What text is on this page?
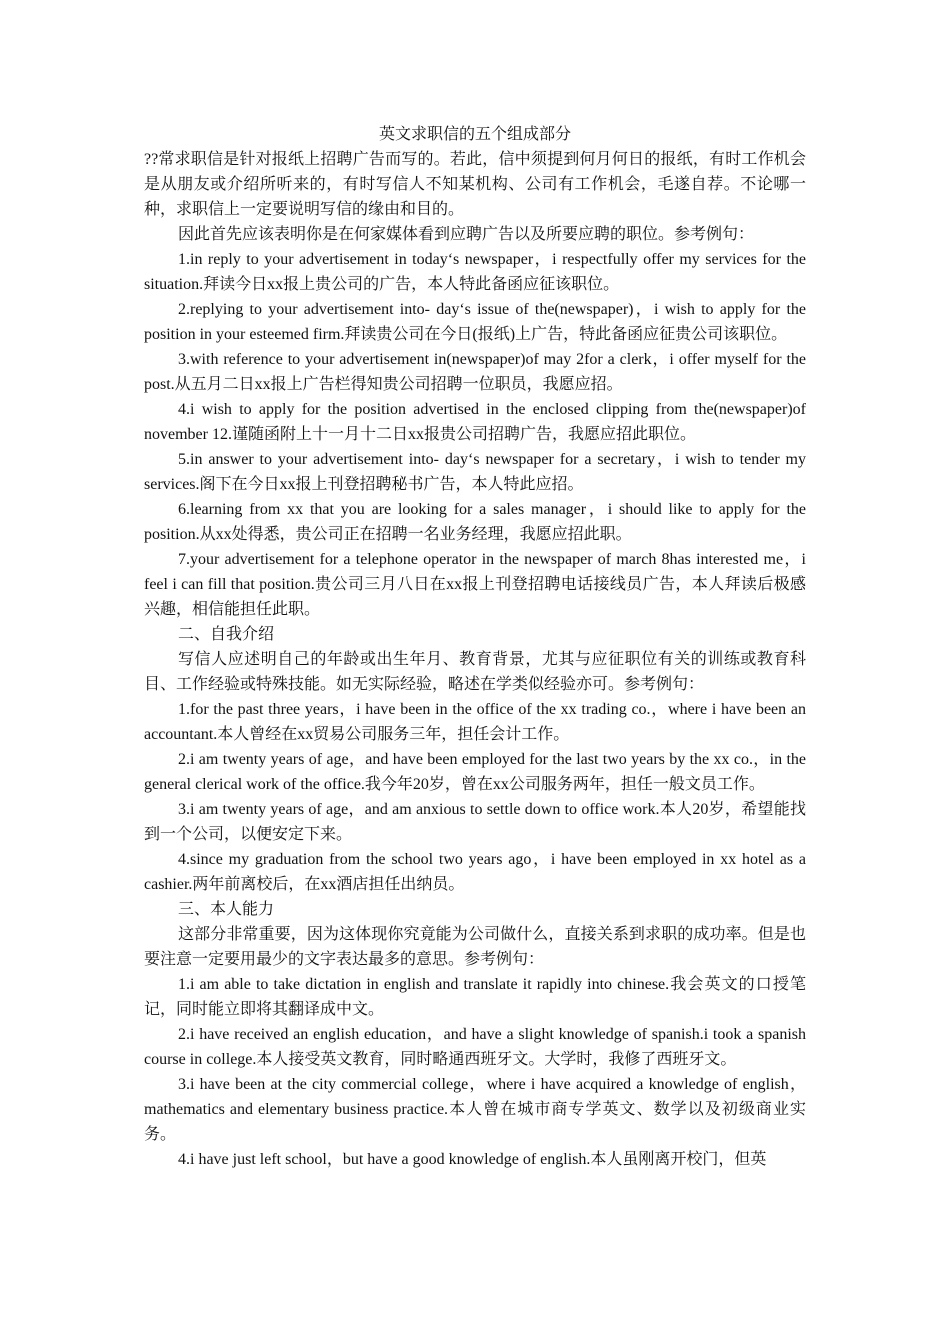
英文求职信的五个组成部分

??常求职信是针对报纸上招聘广告而写的。若此，信中须提到何月何日的报纸，有时工作机会是从朋友或介绍所听来的，有时写信人不知某机构、公司有工作机会，毛遂自荐。不论哪一种，求职信上一定要说明写信的缘由和目的。

因此首先应该表明你是在何家媒体看到应聘广告以及所要应聘的职位。参考例句：

1.in reply to your advertisement in today‘s newspaper，i respectfully offer my services for the situation.拜读今日xx报上贵公司的广告，本人特此备函应征该职位。

2.replying to your advertisement into- day‘s issue of the(newspaper)，i wish to apply for the position in your esteemed firm.拜读贵公司在今日(报纸)上广告，特此备函应征贵公司该职位。

3.with reference to your advertisement in(newspaper)of may 2for a clerk，i offer myself for the post.从五月二日xx报上广告栏得知贵公司招聘一位职员，我愿应招。

4.i wish to apply for the position advertised in the enclosed clipping from the(newspaper)of november 12.谨随函附上十一月十二日xx报贵公司招聘广告，我愿应招此职位。

5.in answer to your advertisement into- day‘s newspaper for a secretary，i wish to tender my services.阁下在今日xx报上刊登招聘秘书广告，本人特此应招。

6.learning from xx that you are looking for a sales manager，i should like to apply for the position.从xx处得悉，贵公司正在招聘一名业务经理，我愿应招此职。

7.your advertisement for a telephone operator in the newspaper of march 8has interested me，i feel i can fill that position.贵公司三月八日在xx报上刊登招聘电话接线员广告，本人拜读后极感兴趣，相信能担任此职。

二、自我介绍

写信人应述明自己的年龄或出生年月、教育背景，尤其与应征职位有关的训练或教育科目、工作经验或特殊技能。如无实际经验，略述在学类似经验亦可。参考例句：

1.for the past three years，i have been in the office of the xx trading co.，where i have been an accountant.本人曾经在xx贸易公司服务三年，担任会计工作。

2.i am twenty years of age，and have been employed for the last two years by the xx co.，in the general clerical work of the office.我今年20岁，曾在xx公司服务两年，担任一般文员工作。

3.i am twenty years of age，and am anxious to settle down to office work.本人20岁，希望能找到一个公司，以便安定下来。

4.since my graduation from the school two years ago，i have been employed in xx hotel as a cashier.两年前离校后，在xx酒店担任出纳员。

三、本人能力

这部分非常重要，因为这体现你究竟能为公司做什么，直接关系到求职的成功率。但是也要注意一定要用最少的文字表达最多的意思。参考例句：

1.i am able to take dictation in english and translate it rapidly into chinese.我会英文的口授笔记，同时能立即将其翻译成中文。

2.i have received an english education，and have a slight knowledge of spanish.i took a spanish course in college.本人接受英文教育，同时略通西班牙文。大学时，我修了西班牙文。

3.i have been at the city commercial college，where i have acquired a knowledge of english，mathematics and elementary business practice.本人曾在城市商专学英文、数学以及初级商业实务。

4.i have just left school，but have a good knowledge of english.本人虽刚离开校门，但英
